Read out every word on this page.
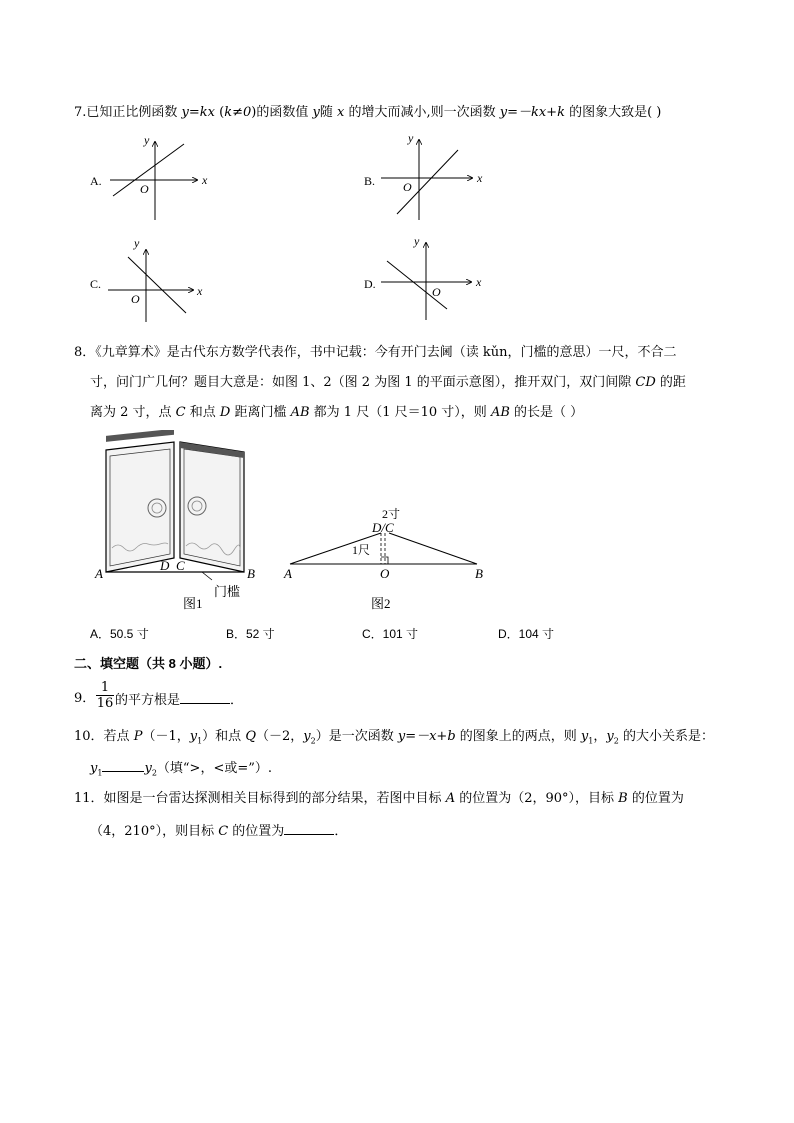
7.已知正比例函数 y=kx (k≠0)的函数值 y随 x 的增大而减小,则一次函数 y=－kx+k 的图象大致是( )
A.	x
y
O
B.	x
y
O
C.	x
y
O
D.	x
y
O
8．《九章算术》是古代东方数学代表作，书中记载：今有开门去阃（读 kǔn，门槛的意思）一尺，不合二
寸，问门广几何？题目大意是：如图 1、2（图 2 为图 1 的平面示意图），推开双门，双门间隙 CD 的距
离为 2 寸，点 C 和点 D 距离门槛 AB 都为 1 尺（1 尺＝10 寸），则 AB 的长是（ ）
A	B
D C
门槛
图1
2寸
D/C
1尺
A	O	B
图2
A．50.5 寸	B．52 寸	C．101 寸	D．104 寸
二、填空题（共 8 小题）.
9． $\frac{1}{16}$ 的平方根是	．
10．若点 P（－1，$y_1$）和点 Q（－2，$y_2$）是一次函数 y=－x+b 的图象上的两点，则 $y_1$，$y_2$ 的大小关系是：
$y_1$	$y_2$（填“>，<或=”）.
11．如图是一台雷达探测相关目标得到的部分结果，若图中目标 A 的位置为（2，90°），目标 B 的位置为
（4，210°），则目标 C 的位置为	．
